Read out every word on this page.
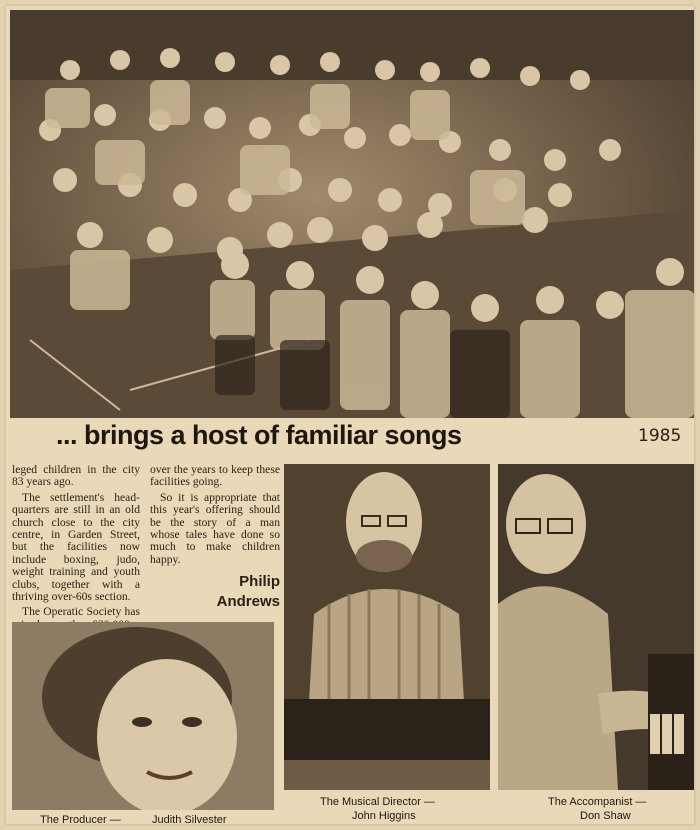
... brings a host of familiar songs	1985

leged children in the city 83 years ago.

The settlement's head-quarters are still in an old church close to the city centre, in Garden Street, but the facilities now include boxing, judo, weight training and youth clubs, together with a thriving over-60s section.

The Operatic Society has

over the years to keep these facilities going.

So it is appropriate that this year's offering should be the story of a man whose tales have done so much to make children happy.

Philip
Andrews
The Producer —	Judith Silvester
The Musical Director —
John Higgins
The Accompanist —
Don Shaw
